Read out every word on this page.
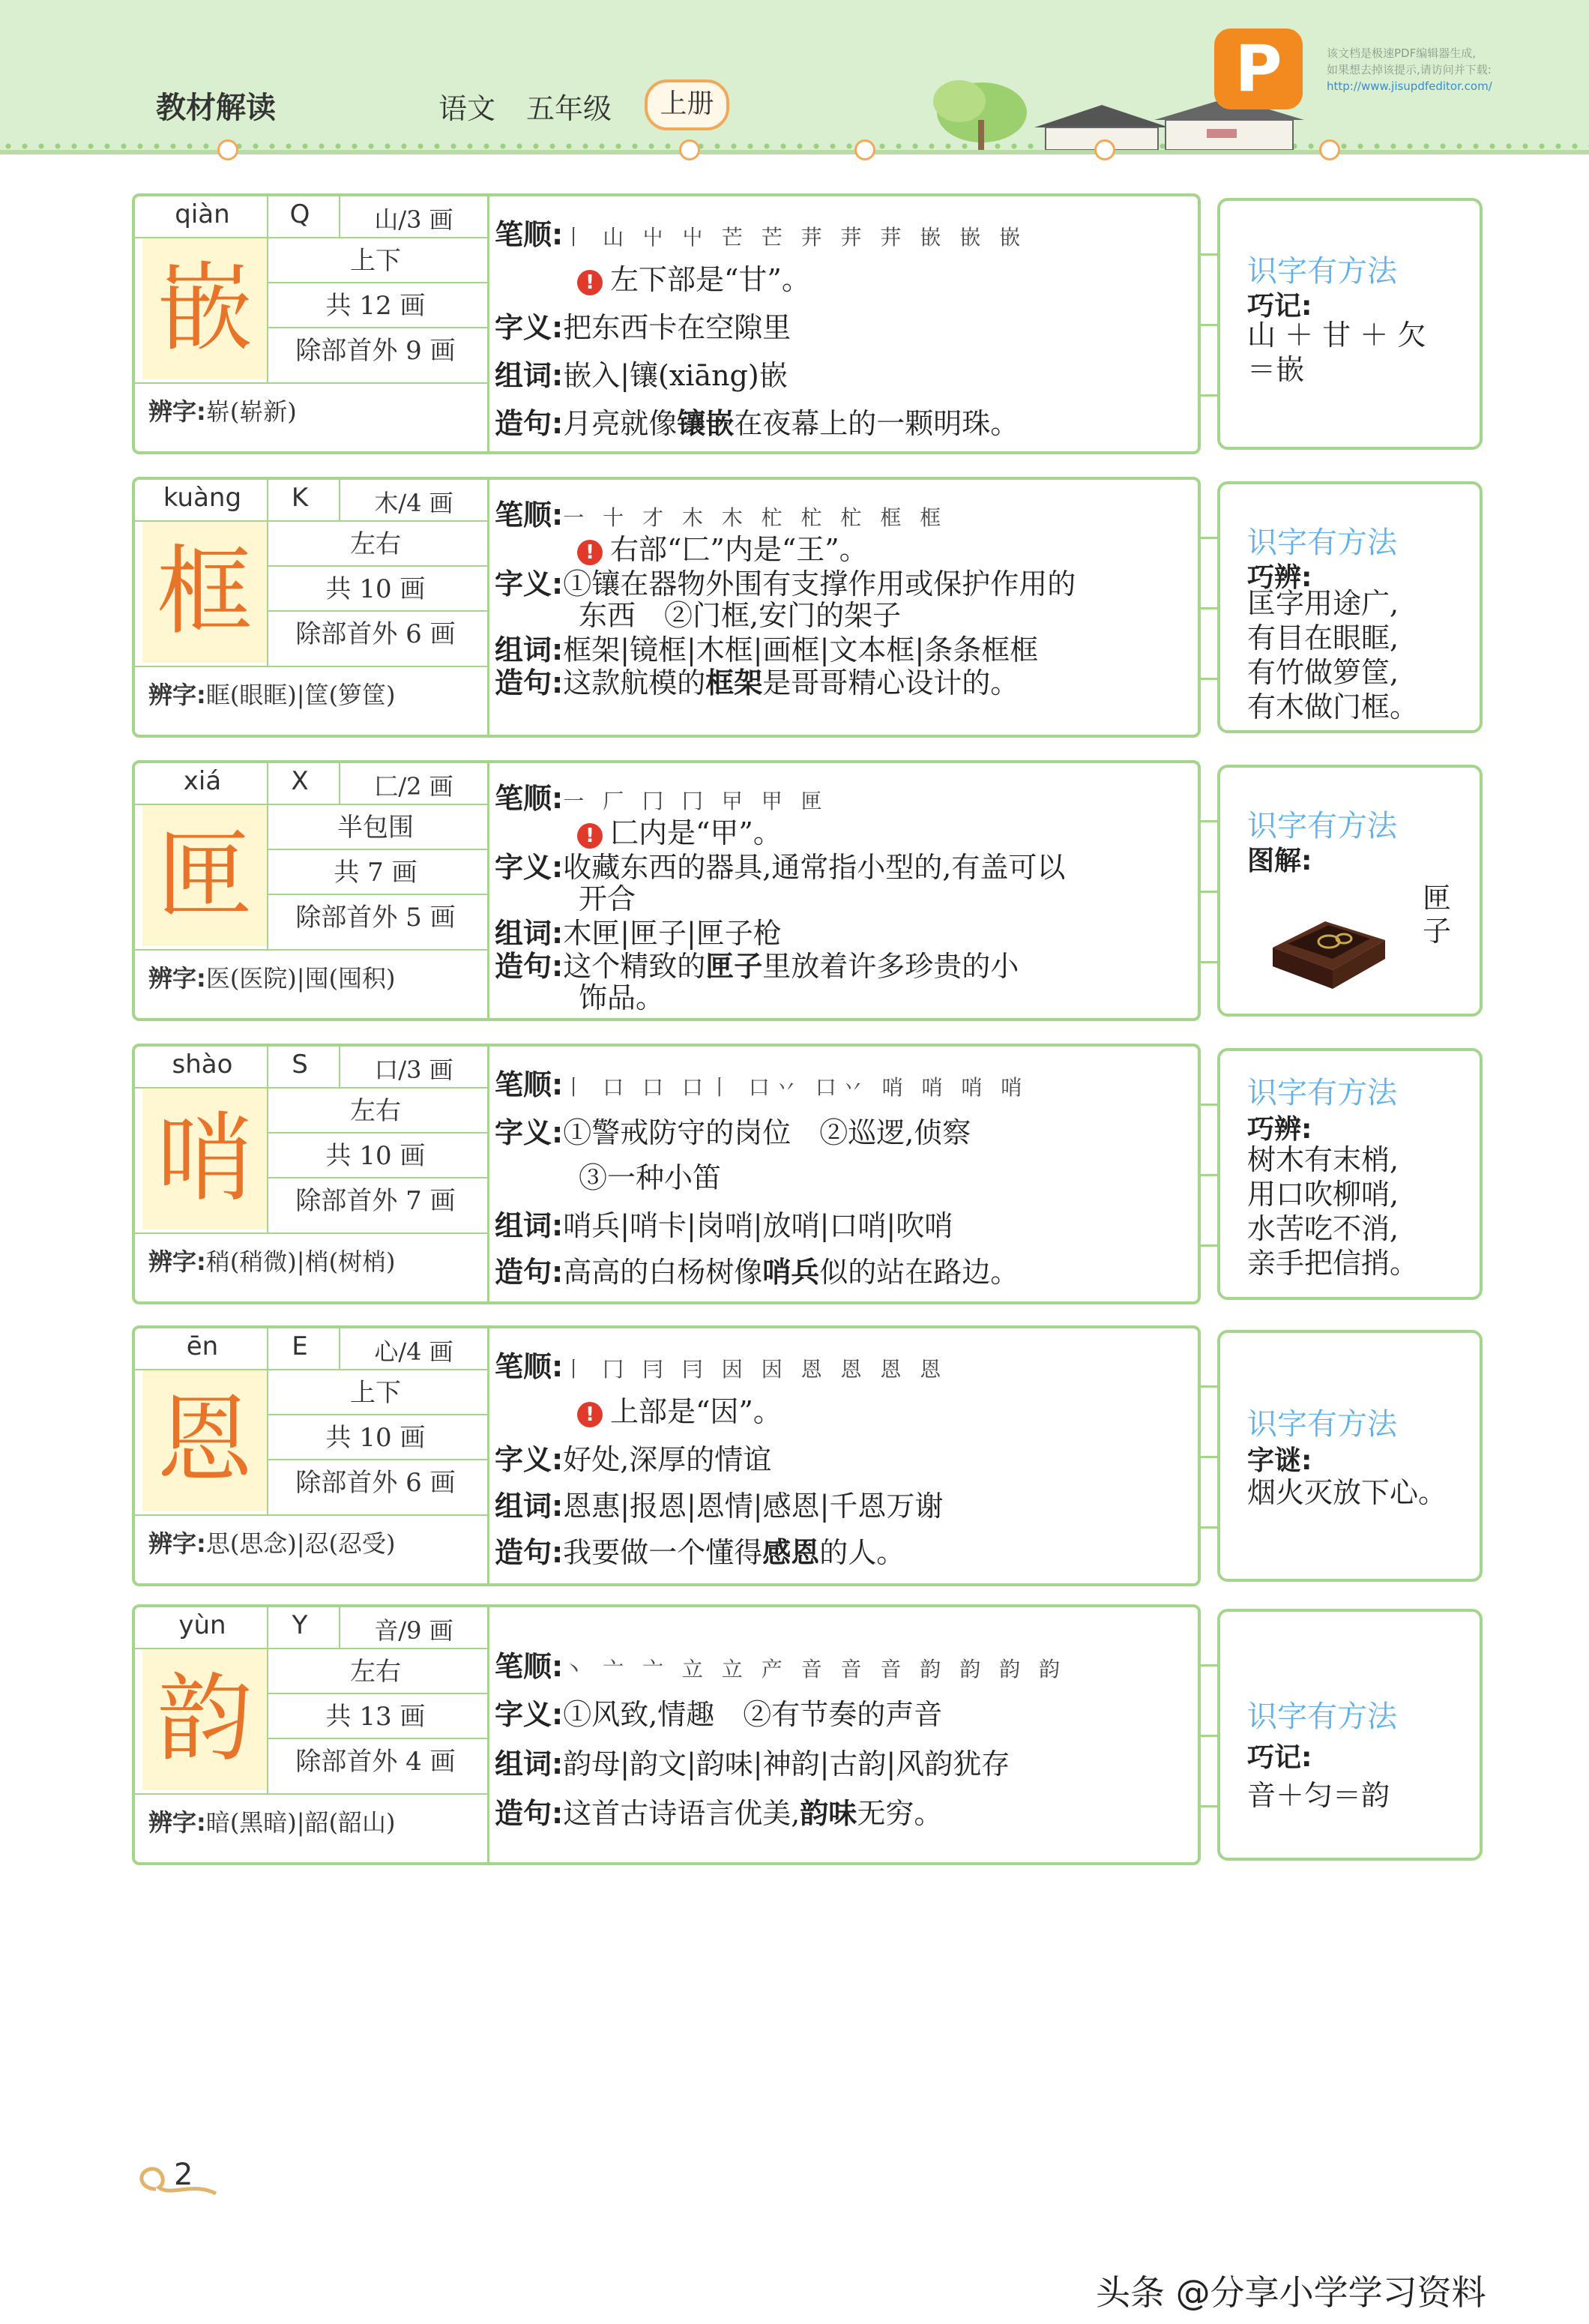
教材解读	语文 五年级	上册	P	该文档是极速PDF编辑器生成,
如果想去掉该提示,请访问并下载:
http://www.jisupdfeditor.com/
qiàn	Q	山/3 画
嵌	上下
共 12 画
除部首外 9 画
辨字:崭(崭新)
笔顺:丨 山 屮 屮 芒 芒 茾 茾 茾 嵌 嵌 嵌
! 左下部是“甘”。
字义:把东西卡在空隙里
组词:嵌入|镶(xiāng)嵌
造句:月亮就像镶嵌在夜幕上的一颗明珠。
识字有方法
巧记:
山 ＋ 甘 ＋ 欠
＝嵌
kuàng	K	木/4 画
框	左右
共 10 画
除部首外 6 画
辨字:眶(眼眶)|筐(箩筐)
笔顺:一 十 才 木 木 杧 杧 杧 框 框
! 右部“匚”内是“王”。
字义:①镶在器物外围有支撑作用或保护作用的
东西　②门框,安门的架子
组词:框架|镜框|木框|画框|文本框|条条框框
造句:这款航模的框架是哥哥精心设计的。
识字有方法
巧辨:
匡字用途广,
有目在眼眶,
有竹做箩筐,
有木做门框。
xiá	X	匚/2 画
匣	半包围
共 7 画
除部首外 5 画
辨字:医(医院)|囤(囤积)
笔顺:一 厂 冂 冂 曱 甲 匣
! 匚内是“甲”。
字义:收藏东西的器具,通常指小型的,有盖可以
开合
组词:木匣|匣子|匣子枪
造句:这个精致的匣子里放着许多珍贵的小
饰品。
识字有方法
图解:
匣子
shào	S	口/3 画
哨	左右
共 10 画
除部首外 7 画
辨字:稍(稍微)|梢(树梢)
笔顺:丨 口 口 口丨 口丷 口丷 哨 哨 哨 哨
字义:①警戒防守的岗位　②巡逻,侦察
③一种小笛
组词:哨兵|哨卡|岗哨|放哨|口哨|吹哨
造句:高高的白杨树像哨兵似的站在路边。
识字有方法
巧辨:
树木有末梢,
用口吹柳哨,
水苦吃不消,
亲手把信捎。
ēn	E	心/4 画
恩	上下
共 10 画
除部首外 6 画
辨字:思(思念)|忍(忍受)
笔顺:丨 冂 冃 冃 因 因 恩 恩 恩 恩
! 上部是“因”。
字义:好处,深厚的情谊
组词:恩惠|报恩|恩情|感恩|千恩万谢
造句:我要做一个懂得感恩的人。
识字有方法
字谜:
烟火灭放下心。
yùn	Y	音/9 画
韵	左右
共 13 画
除部首外 4 画
辨字:暗(黑暗)|韶(韶山)
笔顺:丶 亠 亠 立 立 产 音 音 音 韵 韵 韵 韵
字义:①风致,情趣　②有节奏的声音
组词:韵母|韵文|韵味|神韵|古韵|风韵犹存
造句:这首古诗语言优美,韵味无穷。
识字有方法
巧记:
音＋匀＝韵
2
头条 @分享小学学习资料
